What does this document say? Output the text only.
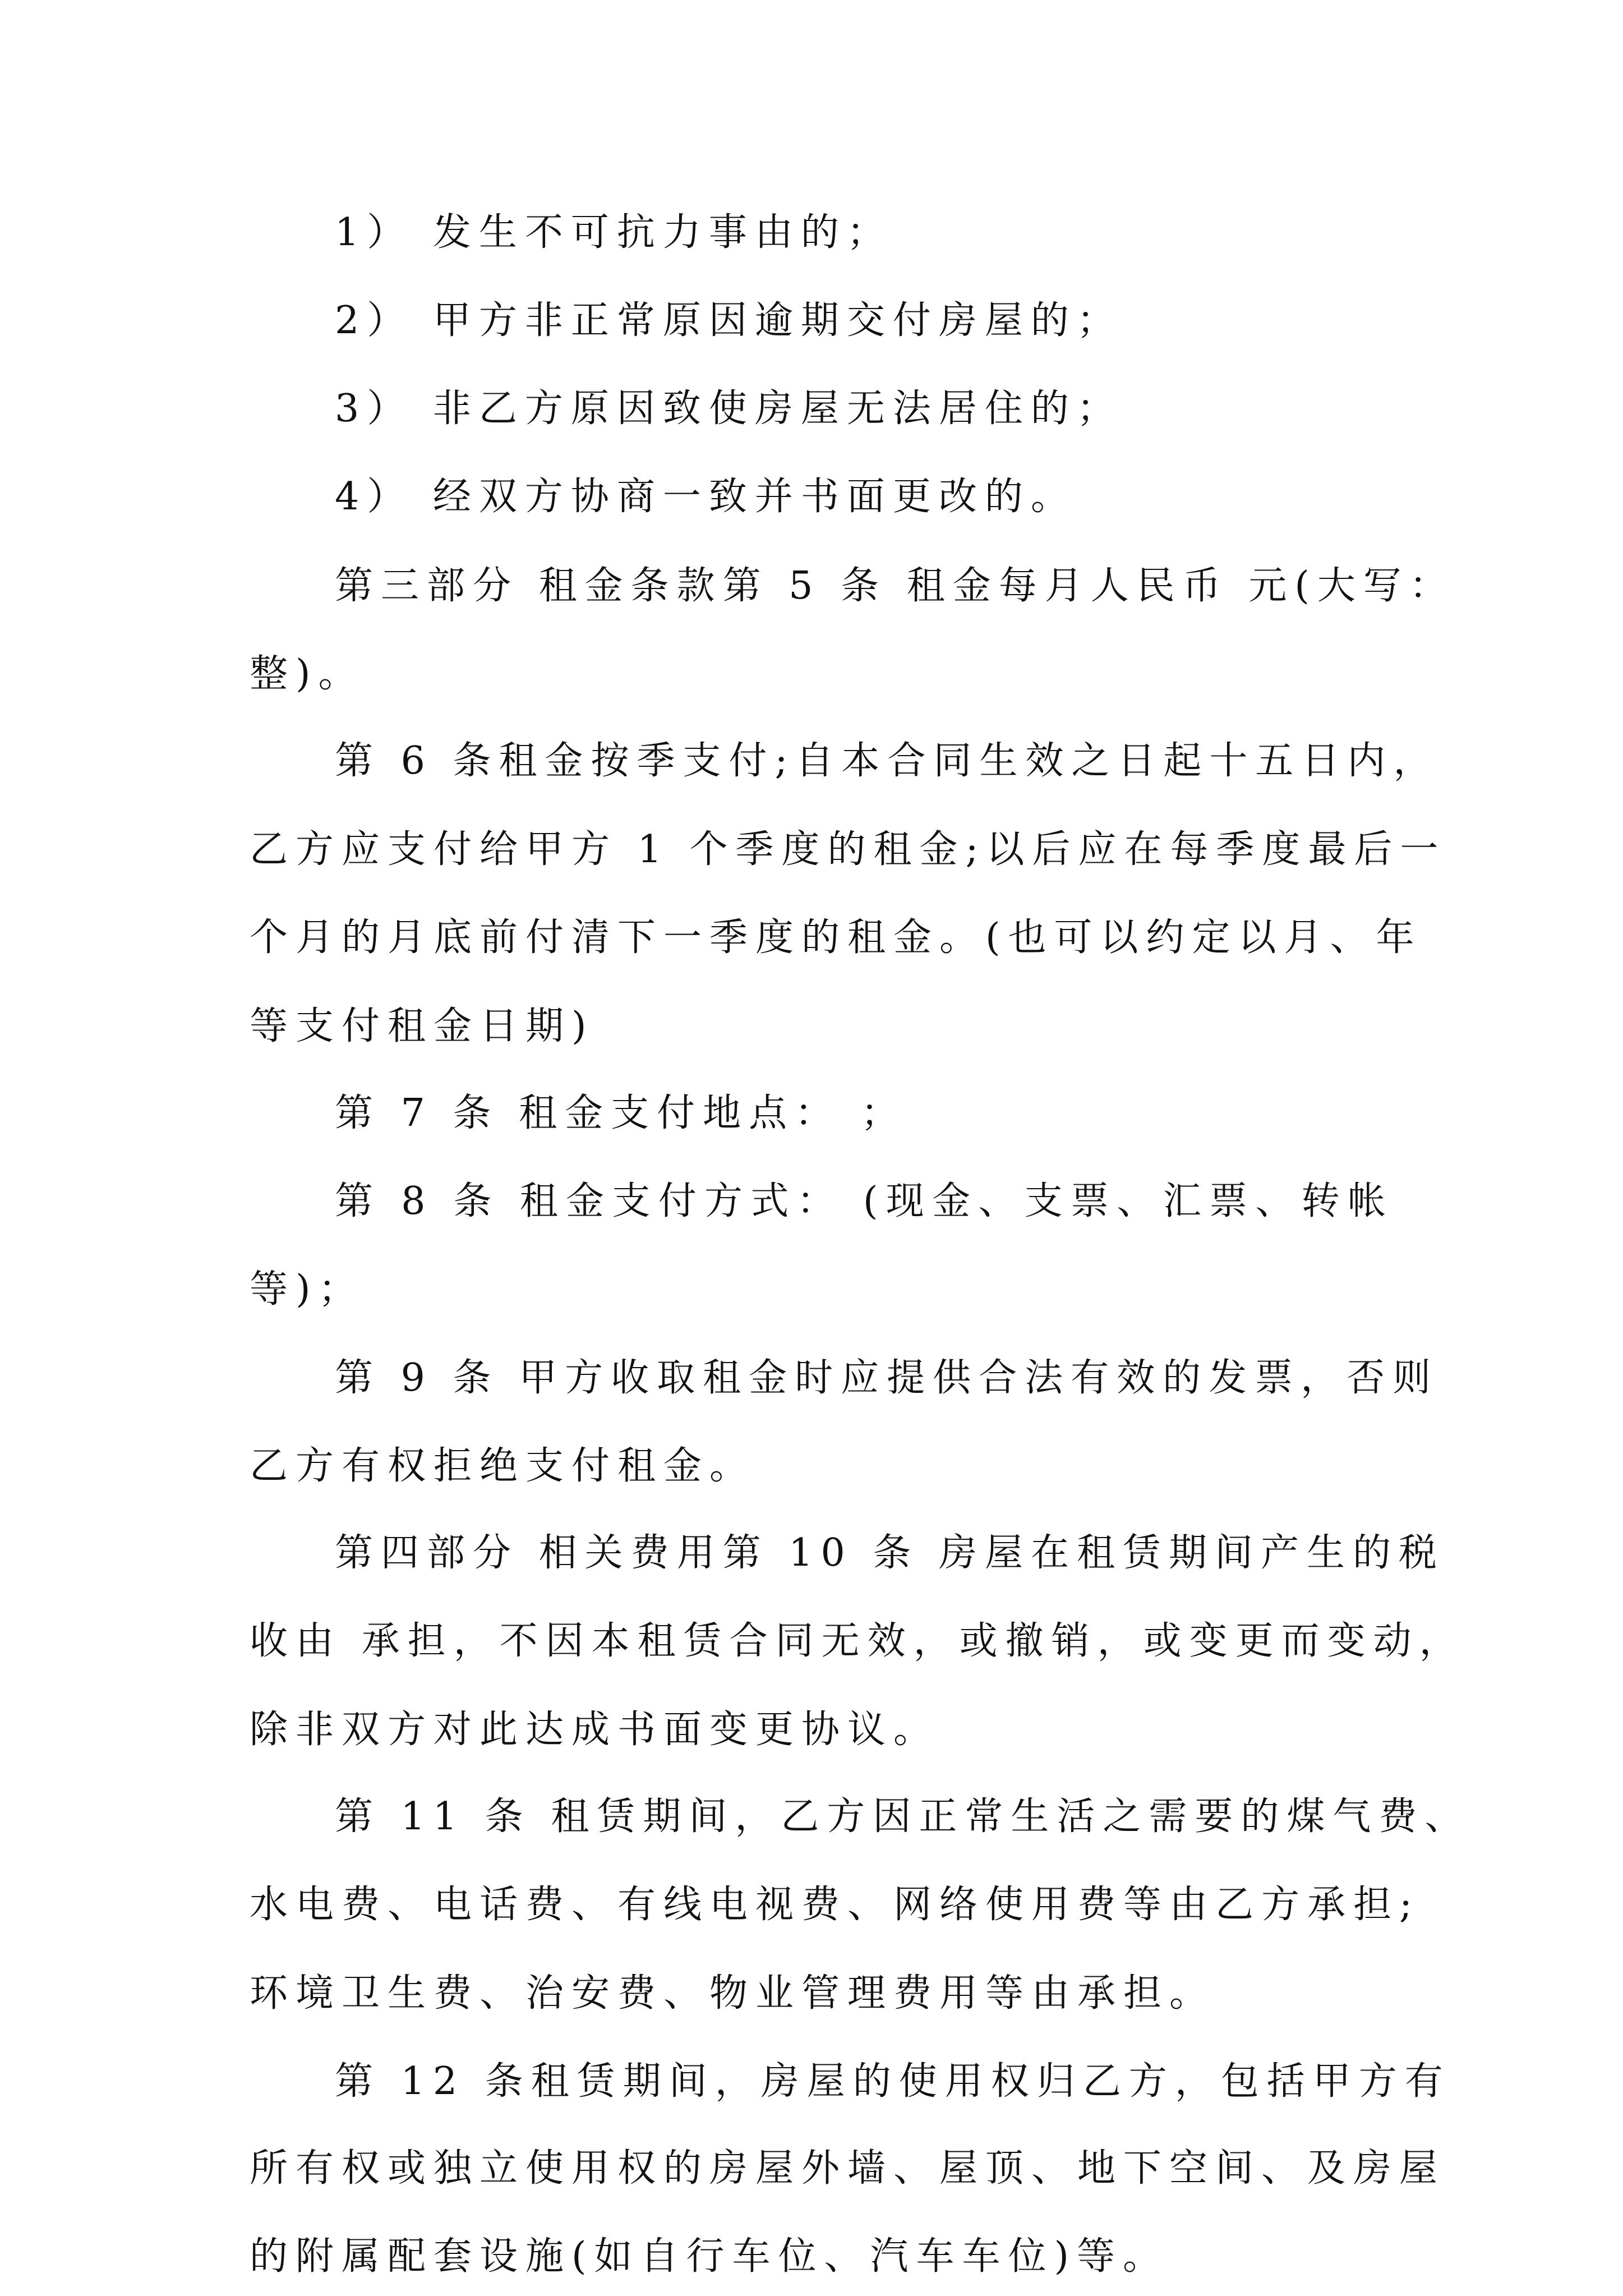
1） 发生不可抗力事由的；
2） 甲方非正常原因逾期交付房屋的；
3） 非乙方原因致使房屋无法居住的；
4） 经双方协商一致并书面更改的。
第三部分 租金条款第 5 条 租金每月人民币 元(大写：
整)。
第 6 条租金按季支付;自本合同生效之日起十五日内，
乙方应支付给甲方 1 个季度的租金;以后应在每季度最后一
个月的月底前付清下一季度的租金。(也可以约定以月、年
等支付租金日期)
第 7 条 租金支付地点： ；
第 8 条 租金支付方式： (现金、支票、汇票、转帐
等)；
第 9 条 甲方收取租金时应提供合法有效的发票，否则
乙方有权拒绝支付租金。
第四部分 相关费用第 10 条 房屋在租赁期间产生的税
收由 承担，不因本租赁合同无效，或撤销，或变更而变动，
除非双方对此达成书面变更协议。
第 11 条 租赁期间，乙方因正常生活之需要的煤气费、
水电费、电话费、有线电视费、网络使用费等由乙方承担;
环境卫生费、治安费、物业管理费用等由承担。
第 12 条租赁期间，房屋的使用权归乙方，包括甲方有
所有权或独立使用权的房屋外墙、屋顶、地下空间、及房屋
的附属配套设施(如自行车位、汽车车位)等。
